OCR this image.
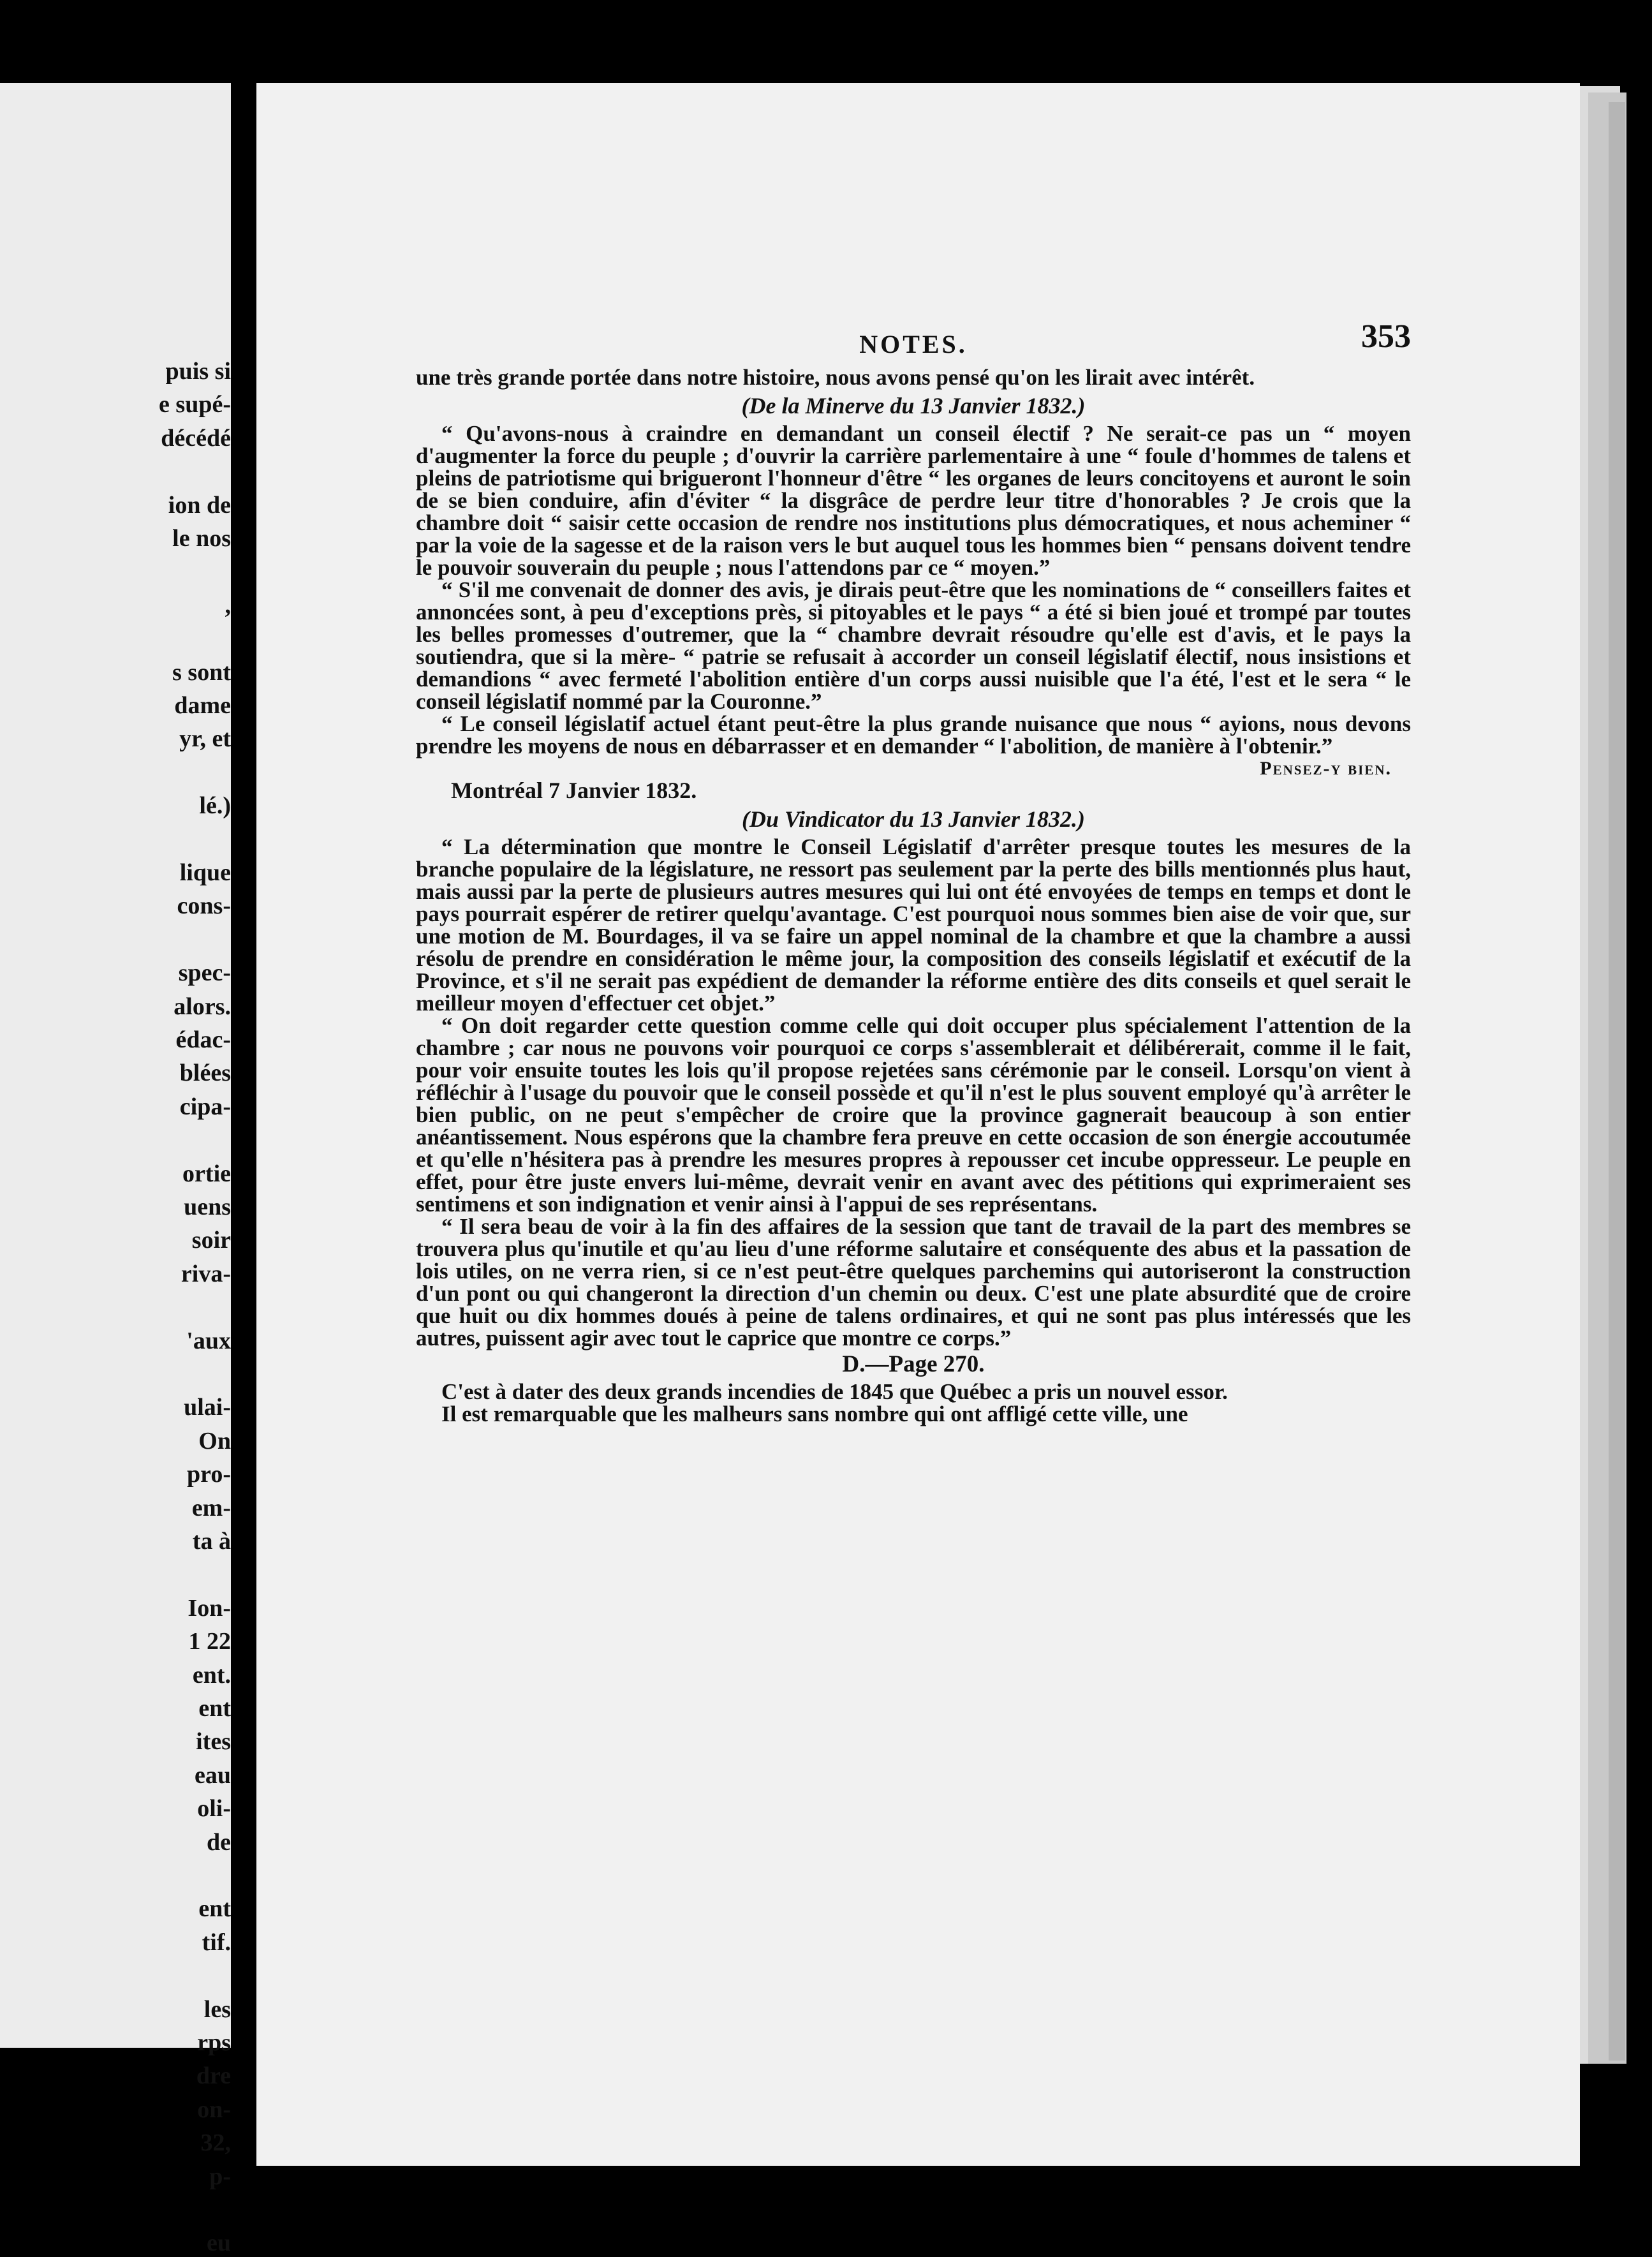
puis si
e supé-
décédé
ion de
le nos
,
s sont
dame
yr, et
lé.)
lique
cons-
spec-
alors.
édac-
blées
cipa-
ortie
uens
soir
riva-
'aux
ulai-
On
pro-
em-
ta à
Ion-
1 22
ent.
ent
ites
eau
oli-
de
ent
tif.
les
rps
dre
on-
32,
p-
eu
NOTES.	353
une très grande portée dans notre histoire, nous avons pensé qu'on les lirait avec intérêt.
(De la Minerve du 13 Janvier 1832.)
“ Qu'avons-nous à craindre en demandant un conseil électif ? Ne serait-ce pas un “ moyen d'augmenter la force du peuple ; d'ouvrir la carrière parlementaire à une “ foule d'hommes de talens et pleins de patriotisme qui brigueront l'honneur d'être “ les organes de leurs concitoyens et auront le soin de se bien conduire, afin d'éviter “ la disgrâce de perdre leur titre d'honorables ? Je crois que la chambre doit “ saisir cette occasion de rendre nos institutions plus démocratiques, et nous acheminer “ par la voie de la sagesse et de la raison vers le but auquel tous les hommes bien “ pensans doivent tendre le pouvoir souverain du peuple ; nous l'attendons par ce “ moyen.”
“ S'il me convenait de donner des avis, je dirais peut-être que les nominations de “ conseillers faites et annoncées sont, à peu d'exceptions près, si pitoyables et le pays “ a été si bien joué et trompé par toutes les belles promesses d'outremer, que la “ chambre devrait résoudre qu'elle est d'avis, et le pays la soutiendra, que si la mère- “ patrie se refusait à accorder un conseil législatif électif, nous insistions et demandions “ avec fermeté l'abolition entière d'un corps aussi nuisible que l'a été, l'est et le sera “ le conseil législatif nommé par la Couronne.”
“ Le conseil législatif actuel étant peut-être la plus grande nuisance que nous “ ayions, nous devons prendre les moyens de nous en débarrasser et en demander “ l'abolition, de manière à l'obtenir.”
Pensez-y bien.
Montréal 7 Janvier 1832.
(Du Vindicator du 13 Janvier 1832.)
“ La détermination que montre le Conseil Législatif d'arrêter presque toutes les mesures de la branche populaire de la législature, ne ressort pas seulement par la perte des bills mentionnés plus haut, mais aussi par la perte de plusieurs autres mesures qui lui ont été envoyées de temps en temps et dont le pays pourrait espérer de retirer quelqu'avantage. C'est pourquoi nous sommes bien aise de voir que, sur une motion de M. Bourdages, il va se faire un appel nominal de la chambre et que la chambre a aussi résolu de prendre en considération le même jour, la composition des conseils législatif et exécutif de la Province, et s'il ne serait pas expédient de demander la réforme entière des dits conseils et quel serait le meilleur moyen d'effectuer cet objet.”
“ On doit regarder cette question comme celle qui doit occuper plus spécialement l'attention de la chambre ; car nous ne pouvons voir pourquoi ce corps s'assemblerait et délibérerait, comme il le fait, pour voir ensuite toutes les lois qu'il propose rejetées sans cérémonie par le conseil. Lorsqu'on vient à réfléchir à l'usage du pouvoir que le conseil possède et qu'il n'est le plus souvent employé qu'à arrêter le bien public, on ne peut s'empêcher de croire que la province gagnerait beaucoup à son entier anéantissement. Nous espérons que la chambre fera preuve en cette occasion de son énergie accoutumée et qu'elle n'hésitera pas à prendre les mesures propres à repousser cet incube oppresseur. Le peuple en effet, pour être juste envers lui-même, devrait venir en avant avec des pétitions qui exprimeraient ses sentimens et son indignation et venir ainsi à l'appui de ses représentans.
“ Il sera beau de voir à la fin des affaires de la session que tant de travail de la part des membres se trouvera plus qu'inutile et qu'au lieu d'une réforme salutaire et conséquente des abus et la passation de lois utiles, on ne verra rien, si ce n'est peut-être quelques parchemins qui autoriseront la construction d'un pont ou qui changeront la direction d'un chemin ou deux. C'est une plate absurdité que de croire que huit ou dix hommes doués à peine de talens ordinaires, et qui ne sont pas plus intéressés que les autres, puissent agir avec tout le caprice que montre ce corps.”
D.—Page 270.
C'est à dater des deux grands incendies de 1845 que Québec a pris un nouvel essor.
Il est remarquable que les malheurs sans nombre qui ont affligé cette ville, une
